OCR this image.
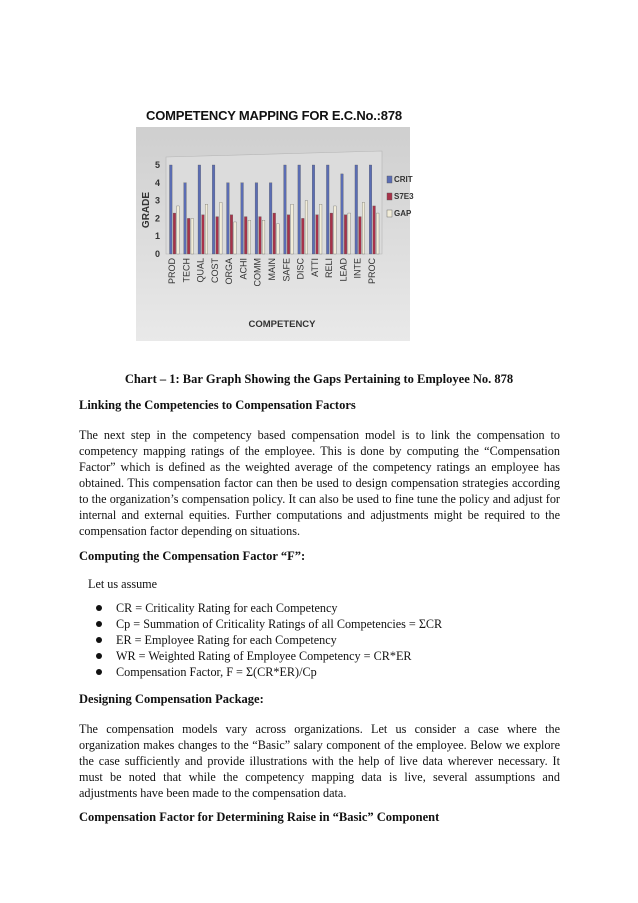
COMPETENCY MAPPING FOR E.C.No.:878
GRADE
0
1
2
3
4
5
PROD TECH QUAL COST ORGA ACHI COMM MAIN SAFE DISC ATTI RELI LEAD INTE PROC
COMPETENCY
CRIT
S7E3
GAP
Chart – 1: Bar Graph Showing the Gaps Pertaining to Employee No. 878
Linking the Competencies to Compensation Factors
The next step in the competency based compensation model is to link the compensation to competency mapping ratings of the employee. This is done by computing the “Compensation Factor” which is defined as the weighted average of the competency ratings an employee has obtained. This compensation factor can then be used to design compensation strategies according to the organization’s compensation policy. It can also be used to fine tune the policy and adjust for internal and external equities. Further computations and adjustments might be required to the compensation factor depending on situations.
Computing the Compensation Factor “F”:
Let us assume
CR = Criticality Rating for each Competency
Cp = Summation of Criticality Ratings of all Competencies = ΣCR
ER = Employee Rating for each Competency
WR = Weighted Rating of Employee Competency = CR*ER
Compensation Factor, F = Σ(CR*ER)/Cp
Designing Compensation Package:
The compensation models vary across organizations. Let us consider a case where the organization makes changes to the “Basic” salary component of the employee. Below we explore the case sufficiently and provide illustrations with the help of live data wherever necessary. It must be noted that while the competency mapping data is live, several assumptions and adjustments have been made to the compensation data.
Compensation Factor for Determining Raise in “Basic” Component
